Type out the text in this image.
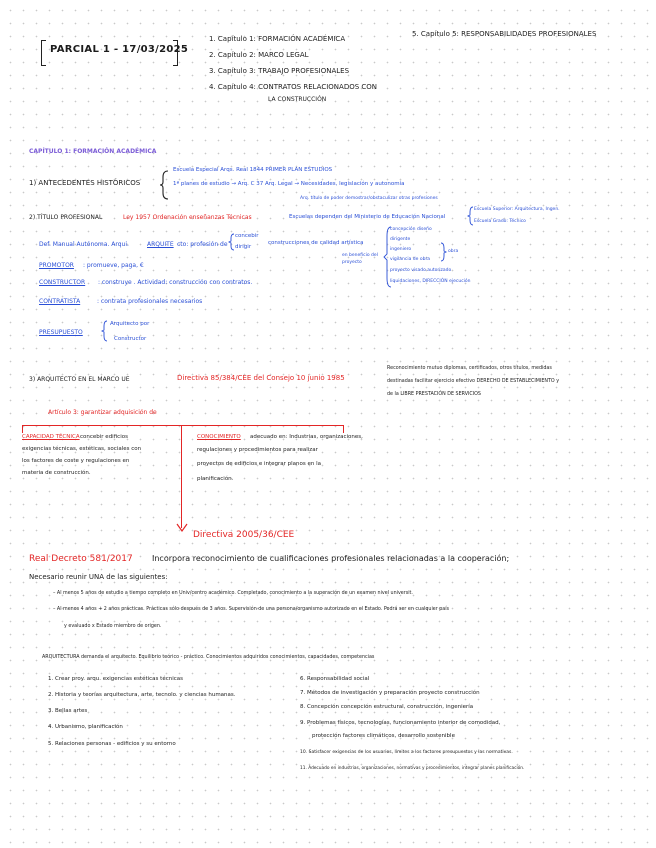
PARCIAL 1 - 17/03/2025
1. Capítulo 1: FORMACIÓN ACADÉMICA
2. Capítulo 2: MARCO LEGAL
3. Capítulo 3: TRABAJO PROFESIONALES
4. Capítulo 4: CONTRATOS RELACIONADOS CON
LA CONSTRUCCIÓN
5. Capítulo 5: RESPONSABILIDADES PROFESIONALES
CAPÍTULO 1: FORMACIÓN ACADÉMICA
1) ANTECEDENTES HISTÓRICOS
Escuela Especial Arqs. Real 1844 PRIMER PLAN ESTUDIOS
1ª planes de estudio → Arq. C 37 Arq. Legal → Necesidades, legislación y autonomía
Arq. título de poder demostrar/obstaculizar otras profesiones
2) TÍTULO PROFESIONAL	Ley 1957 Ordenación enseñanzas Técnicas	Escuelas dependen del Ministerio de Educación Nacional
Escuela Superior: Arquitectura, Ingen.
Escuela Grado: Técnico
Def. Manual Autónoma. Arqui.	ARQUITE cto: profesión de
concebir
dirigir
construcciones de calidad artística
en beneficio del proyecto
concepción diseño
dirigente
ingeniero
vigilancia de obra
proyecto visado autorizado
liquidaciones, DIRECCIÓN ejecución
obra
PROMOTOR : promueve, paga, €
CONSTRUCTOR : construye . Actividad: construcción con contratos.
CONTRATISTA	: contrata profesionales necesarios
PRESUPUESTO
Arquitecto por
Constructor
3) ARQUITECTO EN EL MARCO UE	Directiva 85/384/CEE del Consejo 10 junio 1985
Reconocimiento mutuo diplomas, certificados, otros títulos, medidas
destinadas facilitar ejercicio efectivo DERECHO DE ESTABLECIMIENTO y
de la LIBRE PRESTACIÓN DE SERVICIOS
Artículo 3: garantizar adquisición de
CAPACIDAD TÉCNICA concebir edificios
exigencias técnicas, estéticas, sociales con
los factores de coste y regulaciones en
materia de construcción.
CONOCIMIENTO adecuado en: Industrias, organizaciones,
regulaciones y procedimientos para realizar
proyectos de edificios e integrar planos en la
planificación.
Directiva 2005/36/CEE
Real Decreto 581/2017 Incorpora reconocimiento de cualificaciones profesionales relacionadas a la cooperación;
Necesario reunir UNA de las siguientes:
– Al menos 5 años de estudio a tiempo completo en Univ/centro académico. Completado, conocimiento a la superación de un examen nivel universit.
– Al menos 4 años + 2 años prácticas. Prácticas sólo después de 3 años. Supervisión de una persona/organismo autorizado en el Estado. Podrá ser en cualquier país
y evaluado x Estado miembro de origen.
ARQUITECTURA demanda el arquitecto. Equilibrio teórico - práctico. Conocimientos adquiridos conocimientos, capacidades, competencias
1. Crear proy. arqu. exigencias estéticas técnicas
2. Historia y teorías arquitectura, arte, tecnolo. y ciencias humanas.
3. Bellas artes
4. Urbanismo, planificación
5. Relaciones personas - edificios y su entorno
6. Responsabilidad social
7. Métodos de investigación y preparación proyecto construcción
8. Concepción concepción estructural, construcción, ingeniería
9. Problemas físicos, tecnologías, funcionamiento interior de comodidad,
protección factores climáticos, desarrollo sostenible
10. Satisfacer exigencias de los usuarios, límites a los factores presupuestos y las normativas.
11. Adecuado en industrias, organizaciones, normativas y procedimientos, integrar planes planificación.
